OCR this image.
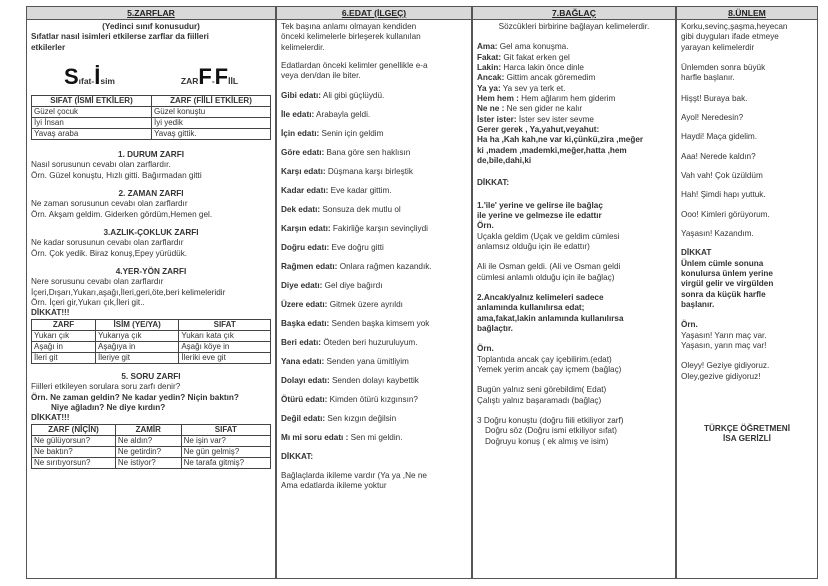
5.ZARFLAR
(Yedinci sınıf konusudur)
Sıfatlar nasıl isimleri etkilerse zarflar da fiilleri
etkilerler
Sıfat-İsim	ZARF-FİİL
SIFAT (İSMİ ETKİLER)	ZARF (FİİLİ ETKİLER)
Güzel çocuk	Güzel konuştu
İyi İnsan	İyi yedik
Yavaş araba	Yavaş gittik.
1. DURUM ZARFI
Nasıl sorusunun cevabı olan zarflardır.
Örn. Güzel konuştu, Hızlı gitti. Bağırmadan gitti
2. ZAMAN ZARFI
Ne zaman sorusunun cevabı olan zarflardır
Örn. Akşam geldim. Giderken gördüm,Hemen gel.
3.AZLIK-ÇOKLUK ZARFI
Ne kadar sorusunun cevabı olan zarflardır
Örn. Çok yedik. Biraz konuş,Epey yürüdük.
4.YER-YÖN ZARFI
Nere sorusunu cevabı olan zarflardır
İçeri,Dışarı,Yukarı,aşağı,İleri,geri,öte,beri kelimeleridir
Örn. İçeri gir,Yukarı çık,İleri git..
DİKKAT!!!
ZARF	İSİM (YE/YA)	SIFAT
Yukarı çık	Yukarıya çık	Yukarı kata çık
Aşağı in	Aşağıya in	Aşağı köye in
İleri git	İleriye git	İleriki eve git
5. SORU ZARFI
Fiilleri etkileyen sorulara soru zarfı denir?
Örn. Ne zaman geldin? Ne kadar yedin? Niçin baktın?
Niye ağladın? Ne diye kırdın?
DİKKAT!!!
ZARF (NİÇİN)	ZAMİR	SIFAT
Ne gülüyorsun?	Ne aldın?	Ne işin var?
Ne baktın?	Ne getirdin?	Ne gün gelmiş?
Ne sırıtıyorsun?	Ne istiyor?	Ne tarafa gitmiş?
6.EDAT (İLGEÇ)
Tek başına anlamı olmayan kendiden
önceki kelimelerle birleşerek kullanılan
kelimelerdir.
Edatlardan önceki kelimler genellikle e-a
veya den/dan ile biter.
Gibi edatı: Ali gibi güçlüydü.
İle edatı: Arabayla geldi.
İçin edatı: Senin için geldim
Göre edatı: Bana göre sen haklısın
Karşı edatı: Düşmana karşı birleştik
Kadar edatı: Eve kadar gittim.
Dek edatı: Sonsuza dek mutlu ol
Karşın edatı: Fakirliğe karşın sevinçliydi
Doğru edatı: Eve doğru gitti
Rağmen edatı: Onlara rağmen kazandık.
Diye edatı: Gel diye bağırdı
Üzere edatı: Gitmek üzere ayrıldı
Başka edatı: Senden başka kimsem yok
Beri edatı: Öteden beri huzuruluyum.
Yana edatı: Senden yana ümitliyim
Dolayı edatı: Senden dolayı kaybettik
Ötürü edatı: Kimden ötürü kızgınsın?
Değil edatı: Sen kızgın değilsin
Mı mi soru edatı : Sen mi geldin.
DİKKAT:
Bağlaçlarda ikileme vardır (Ya ya ,Ne ne
Ama edatlarda ikileme yoktur
7.BAĞLAÇ
Sözcükleri birbirine bağlayan kelimelerdir.
Ama: Gel ama konuşma.
Fakat: Git fakat erken gel
Lakin: Harca lakin önce dinle
Ancak: Gittim ancak göremedim
Ya ya: Ya sev ya terk et.
Hem hem : Hem ağlarım hem giderim
Ne ne : Ne sen gider ne kalır
İster ister: İster sev ister sevme
Gerer gerek , Ya,yahut,veyahut:
Ha ha ,Kah kah,ne var ki,çünkü,zira ,meğer
ki ,madem ,mademki,meğer,hatta ,hem
de,bile,dahi,ki
DİKKAT:
1.'ile' yerine ve gelirse ile bağlaç
ile yerine ve gelmezse ile edattır
Örn.
Uçakla geldim (Uçak ve geldim cümlesi
anlamsız olduğu için ile edattır)
Ali ile Osman geldi. (Ali ve Osman geldi
cümlesi anlamlı olduğu için ile bağlaç)
2.Ancak/yalnız kelimeleri sadece
anlamında kullanılırsa edat;
ama,fakat,lakin anlamında kullanılırsa
bağlaçtır.
Örn.
Toplantıda ancak çay içebilirim.(edat)
Yemek yerim ancak çay içmem (bağlaç)
Bugün yalnız seni görebildim( Edat)
Çalıştı yalnız başaramadı (bağlaç)
3 Doğru konuştu (doğru fiili etkiliyor zarf)
Doğru söz (Doğru ismi etkiliyor sıfat)
Doğruyu konuş ( ek almış ve isim)
8.ÜNLEM
Korku,sevinç,şaşma,heyecan
gibi duyguları ifade etmeye
yarayan kelimelerdir
Ünlemden sonra büyük
harfle başlanır.

Hişşt! Buraya bak.

Ayol! Neredesin?

Haydi! Maça gidelim.

Aaa! Nerede kaldın?

Vah vah! Çok üzüldüm

Hah! Şimdi hapı yuttuk.

Ooo! Kimleri görüyorum.

Yaşasın! Kazandım.

DİKKAT
Ünlem cümle sonuna
konulursa ünlem yerine
virgül gelir ve virgülden
sonra da küçük harfle
başlanır.
Örn.
Yaşasın! Yarın maç var.
Yaşasın, yarın maç var!
Oleyy! Geziye gidiyoruz.
Oley,gezive gidiyoruz!
TÜRKÇE ÖĞRETMENİ
İSA GERİZLİ
